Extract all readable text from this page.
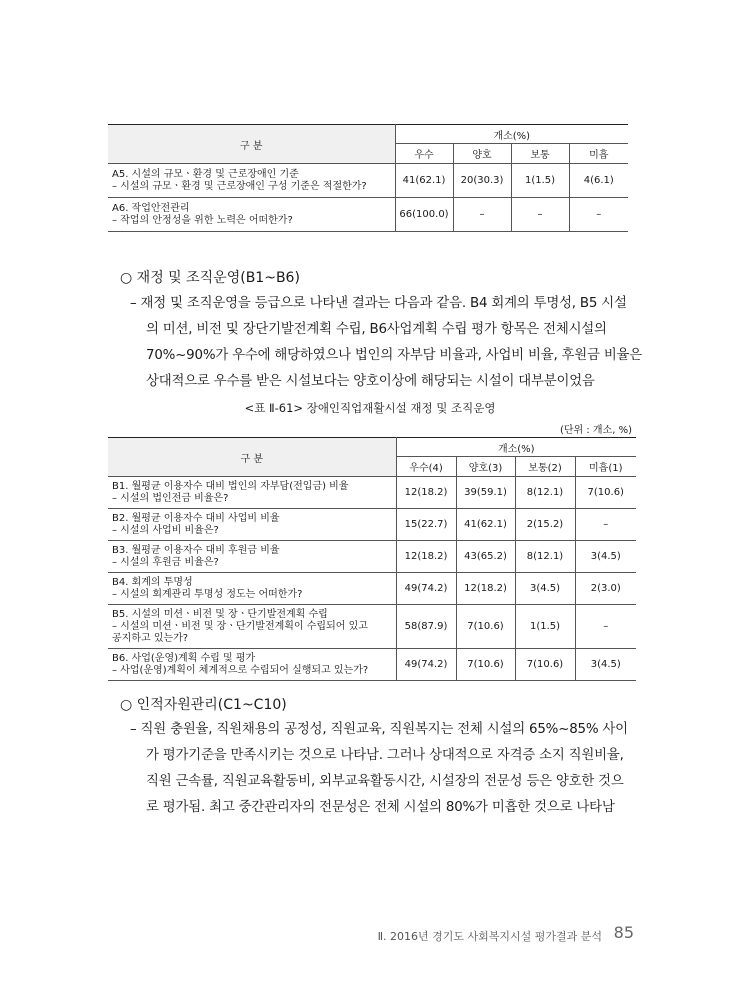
구 분	개소(%)			
	우수	양호	보통	미흡

A5. 시설의 규모ㆍ환경 및 근로장애인 기준
– 시설의 규모ㆍ환경 및 근로장애인 구성 기준은 적절한가?	41(62.1)	20(30.3)	1(1.5)	4(6.1)

A6. 작업안전관리
– 작업의 안정성을 위한 노력은 어떠한가?	66(100.0)	–	–	–
○ 재정 및 조직운영(B1~B6)
– 재정 및 조직운영을 등급으로 나타낸 결과는 다음과 같음. B4 회계의 투명성, B5 시설
의 미션, 비전 및 장단기발전계획 수립, B6사업계획 수립 평가 항목은 전체시설의
70%~90%가 우수에 해당하였으나 법인의 자부담 비율과, 사업비 비율, 후원금 비율은
상대적으로 우수를 받은 시설보다는 양호이상에 해당되는 시설이 대부분이었음
<표 Ⅱ-61> 장애인직업재활시설 재정 및 조직운영
(단위 : 개소, %)
구 분	개소(%)			
	우수(4)	양호(3)	보통(2)	미흡(1)

B1. 월평균 이용자수 대비 법인의 자부담(전입금) 비율
– 시설의 법인전금 비율은?	12(18.2)	39(59.1)	8(12.1)	7(10.6)

B2. 월평균 이용자수 대비 사업비 비율
– 시설의 사업비 비율은?	15(22.7)	41(62.1)	2(15.2)	–

B3. 월평균 이용자수 대비 후원금 비율
– 시설의 후원금 비율은?	12(18.2)	43(65.2)	8(12.1)	3(4.5)

B4. 회계의 투명성
– 시설의 회계관리 투명성 정도는 어떠한가?	49(74.2)	12(18.2)	3(4.5)	2(3.0)

B5. 시설의 미션ㆍ비전 및 장ㆍ단기발전계획 수립
– 시설의 미션ㆍ비전 및 장ㆍ단기발전계획이 수립되어 있고
공지하고 있는가?	58(87.9)	7(10.6)	1(1.5)	–

B6. 사업(운영)계획 수립 및 평가
– 사업(운영)계획이 체계적으로 수립되어 실행되고 있는가?	49(74.2)	7(10.6)	7(10.6)	3(4.5)
○ 인적자원관리(C1~C10)
– 직원 충원율, 직원채용의 공정성, 직원교육, 직원복지는 전체 시설의 65%~85% 사이
가 평가기준을 만족시키는 것으로 나타남. 그러나 상대적으로 자격증 소지 직원비율,
직원 근속률, 직원교육활동비, 외부교육활동시간, 시설장의 전문성 등은 양호한 것으
로 평가됨. 최고 중간관리자의 전문성은 전체 시설의 80%가 미흡한 것으로 나타남
Ⅱ. 2016년 경기도 사회복지시설 평가결과 분석 85
